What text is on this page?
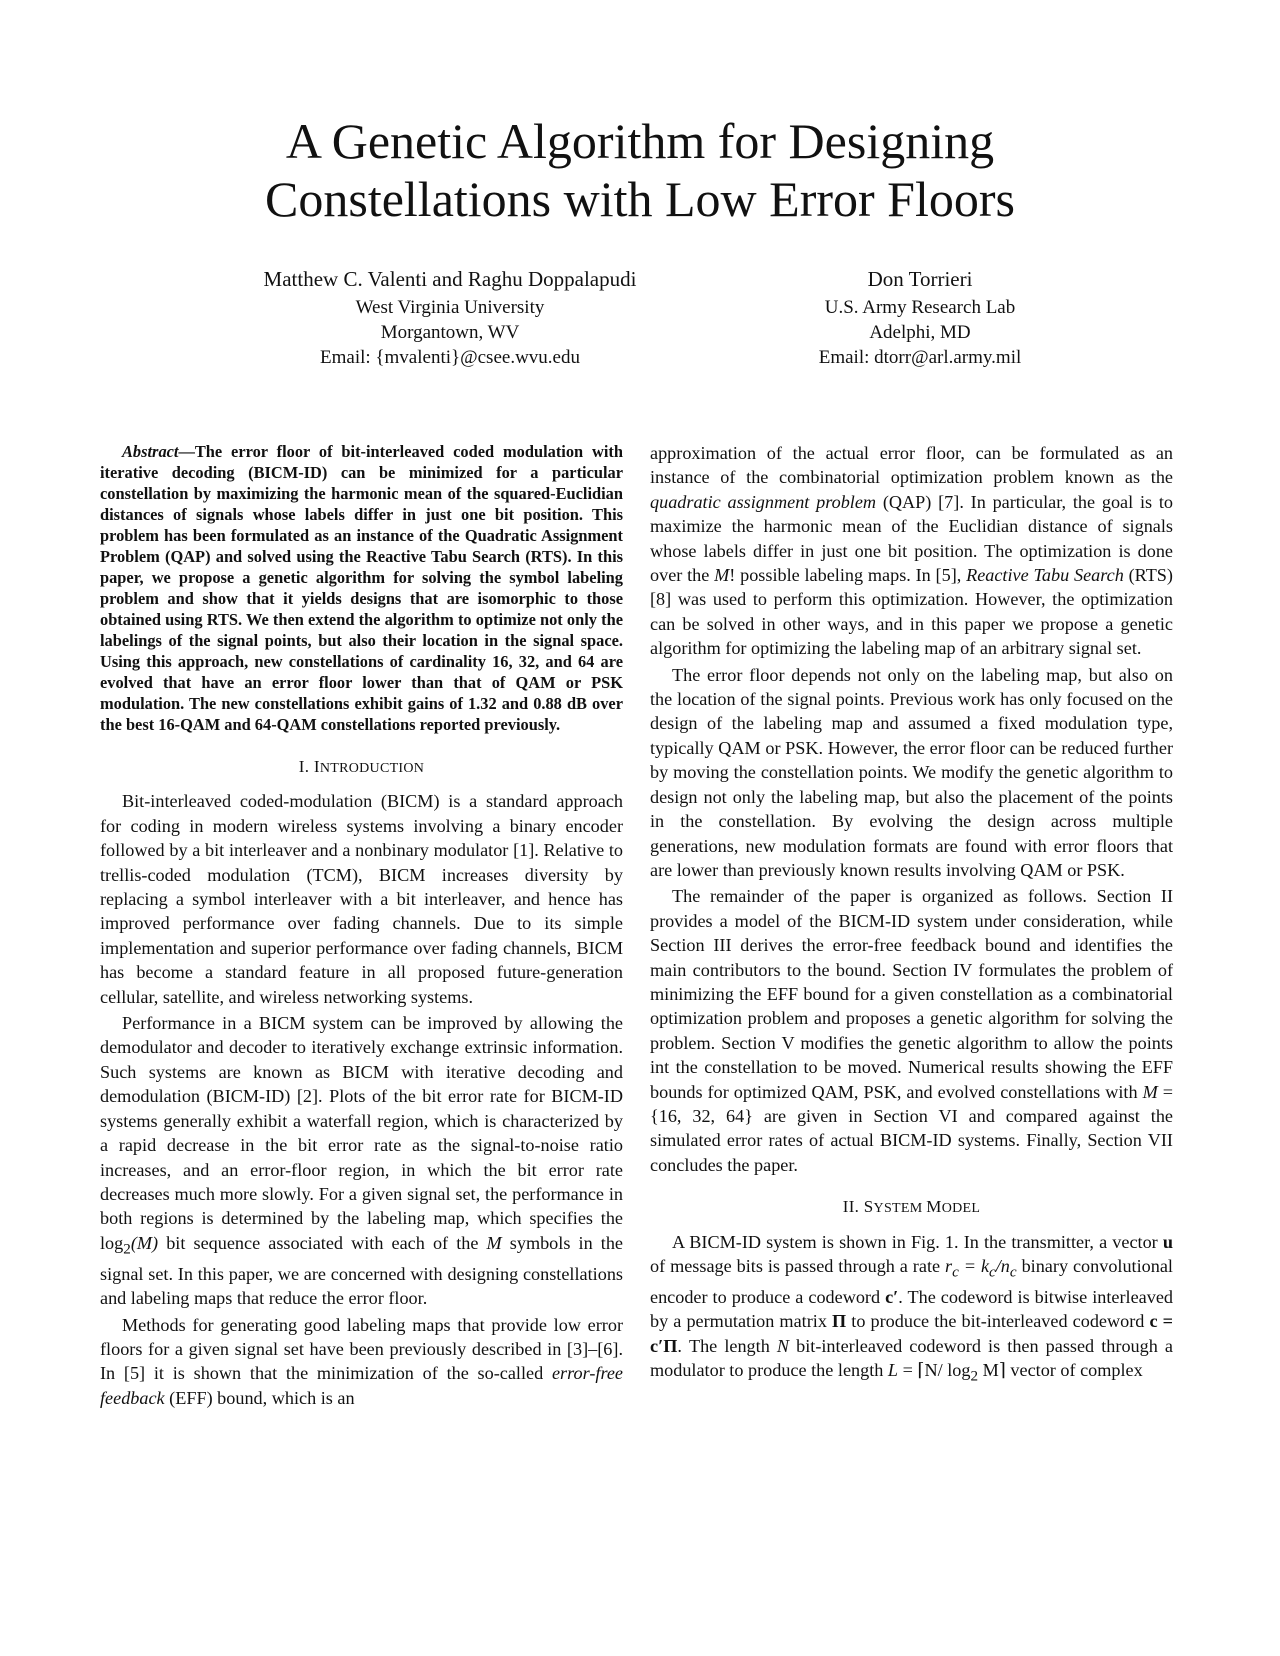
A Genetic Algorithm for Designing
Constellations with Low Error Floors
Matthew C. Valenti and Raghu Doppalapudi
West Virginia University
Morgantown, WV
Email: {mvalenti}@csee.wvu.edu
Don Torrieri
U.S. Army Research Lab
Adelphi, MD
Email: dtorr@arl.army.mil

Abstract—The error floor of bit-interleaved coded modulation with iterative decoding (BICM-ID) can be minimized for a particular constellation by maximizing the harmonic mean of the squared-Euclidian distances of signals whose labels differ in just one bit position. This problem has been formulated as an instance of the Quadratic Assignment Problem (QAP) and solved using the Reactive Tabu Search (RTS). In this paper, we propose a genetic algorithm for solving the symbol labeling problem and show that it yields designs that are isomorphic to those obtained using RTS. We then extend the algorithm to optimize not only the labelings of the signal points, but also their location in the signal space. Using this approach, new constellations of cardinality 16, 32, and 64 are evolved that have an error floor lower than that of QAM or PSK modulation. The new constellations exhibit gains of 1.32 and 0.88 dB over the best 16-QAM and 64-QAM constellations reported previously.

I. INTRODUCTION

Bit-interleaved coded-modulation (BICM) is a standard approach for coding in modern wireless systems involving a binary encoder followed by a bit interleaver and a nonbinary modulator [1]. Relative to trellis-coded modulation (TCM), BICM increases diversity by replacing a symbol interleaver with a bit interleaver, and hence has improved performance over fading channels. Due to its simple implementation and superior performance over fading channels, BICM has become a standard feature in all proposed future-generation cellular, satellite, and wireless networking systems.

Performance in a BICM system can be improved by allowing the demodulator and decoder to iteratively exchange extrinsic information. Such systems are known as BICM with iterative decoding and demodulation (BICM-ID) [2]. Plots of the bit error rate for BICM-ID systems generally exhibit a waterfall region, which is characterized by a rapid decrease in the bit error rate as the signal-to-noise ratio increases, and an error-floor region, in which the bit error rate decreases much more slowly. For a given signal set, the performance in both regions is determined by the labeling map, which specifies the $\log_2(M)$ bit sequence associated with each of the M symbols in the signal set. In this paper, we are concerned with designing constellations and labeling maps that reduce the error floor.

Methods for generating good labeling maps that provide low error floors for a given signal set have been previously described in [3]–[6]. In [5] it is shown that the minimization of the so-called error-free feedback (EFF) bound, which is an

approximation of the actual error floor, can be formulated as an instance of the combinatorial optimization problem known as the quadratic assignment problem (QAP) [7]. In particular, the goal is to maximize the harmonic mean of the Euclidian distance of signals whose labels differ in just one bit position. The optimization is done over the M! possible labeling maps. In [5], Reactive Tabu Search (RTS) [8] was used to perform this optimization. However, the optimization can be solved in other ways, and in this paper we propose a genetic algorithm for optimizing the labeling map of an arbitrary signal set.

The error floor depends not only on the labeling map, but also on the location of the signal points. Previous work has only focused on the design of the labeling map and assumed a fixed modulation type, typically QAM or PSK. However, the error floor can be reduced further by moving the constellation points. We modify the genetic algorithm to design not only the labeling map, but also the placement of the points in the constellation. By evolving the design across multiple generations, new modulation formats are found with error floors that are lower than previously known results involving QAM or PSK.

The remainder of the paper is organized as follows. Section II provides a model of the BICM-ID system under consideration, while Section III derives the error-free feedback bound and identifies the main contributors to the bound. Section IV formulates the problem of minimizing the EFF bound for a given constellation as a combinatorial optimization problem and proposes a genetic algorithm for solving the problem. Section V modifies the genetic algorithm to allow the points int the constellation to be moved. Numerical results showing the EFF bounds for optimized QAM, PSK, and evolved constellations with M = {16, 32, 64} are given in Section VI and compared against the simulated error rates of actual BICM-ID systems. Finally, Section VII concludes the paper.

II. SYSTEM MODEL

A BICM-ID system is shown in Fig. 1. In the transmitter, a vector u of message bits is passed through a rate $r_c = k_c/n_c$ binary convolutional encoder to produce a codeword c′. The codeword is bitwise interleaved by a permutation matrix Π to produce the bit-interleaved codeword c = c′Π. The length N bit-interleaved codeword is then passed through a modulator to produce the length L = ⌈N/ $\log_2$ M⌉ vector of complex
